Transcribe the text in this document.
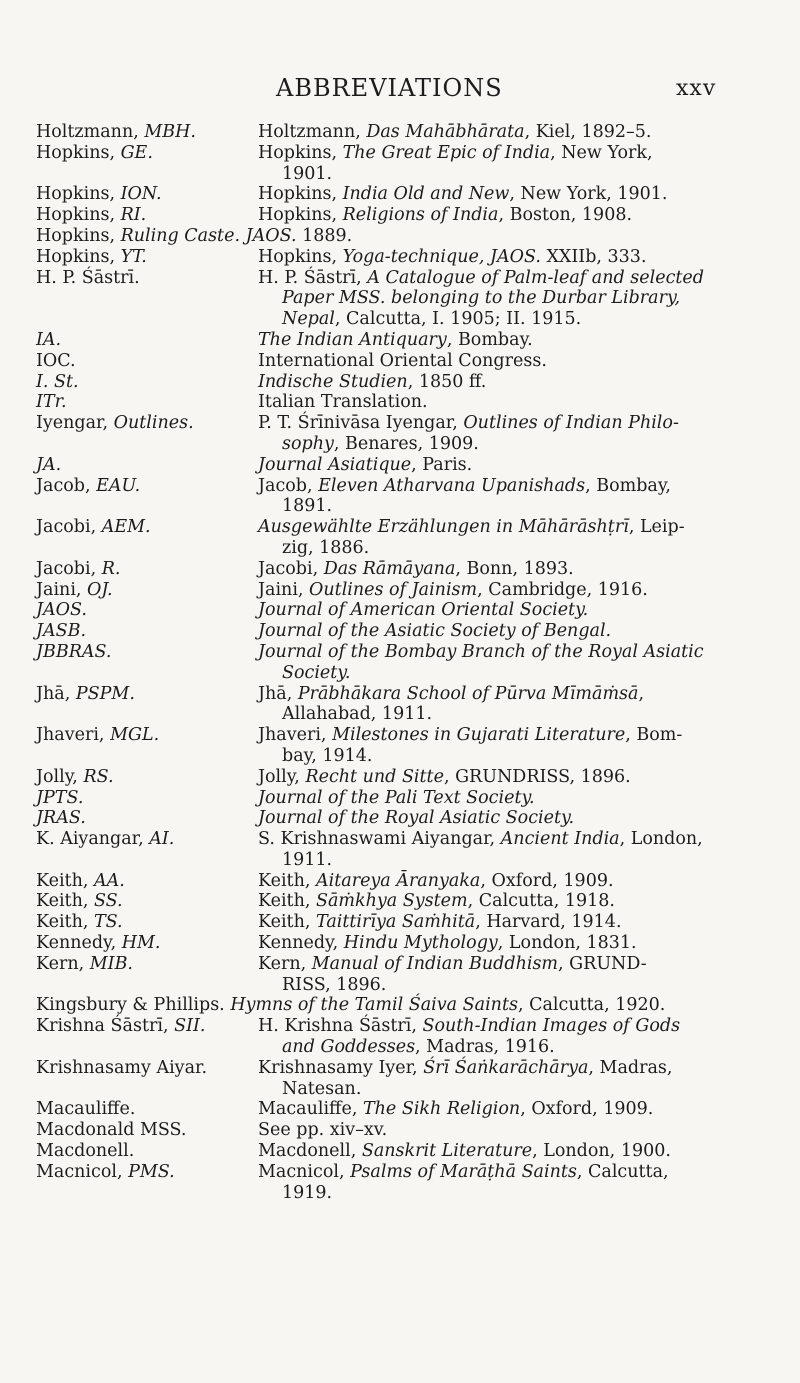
ABBREVIATIONS	xxv
Holtzmann, MBH.	Holtzmann, Das Mahābhārata, Kiel, 1892–5.
Hopkins, GE.	Hopkins, The Great Epic of India, New York,
1901.
Hopkins, ION.	Hopkins, India Old and New, New York, 1901.
Hopkins, RI.	Hopkins, Religions of India, Boston, 1908.
Hopkins, Ruling Caste. JAOS. 1889.
Hopkins, YT.	Hopkins, Yoga-technique, JAOS. XXIIb, 333.
H. P. Śāstrī.	H. P. Śāstrī, A Catalogue of Palm-leaf and selected
Paper MSS. belonging to the Durbar Library,
Nepal, Calcutta, I. 1905; II. 1915.
IA.	The Indian Antiquary, Bombay.
IOC.	International Oriental Congress.
I. St.	Indische Studien, 1850 ff.
ITr.	Italian Translation.
Iyengar, Outlines.	P. T. Śrīnivāsa Iyengar, Outlines of Indian Philo-
sophy, Benares, 1909.
JA.	Journal Asiatique, Paris.
Jacob, EAU.	Jacob, Eleven Atharvana Upanishads, Bombay,
1891.
Jacobi, AEM.	Ausgewählte Erzählungen in Māhārāshṭrī, Leip-
zig, 1886.
Jacobi, R.	Jacobi, Das Rāmāyana, Bonn, 1893.
Jaini, OJ.	Jaini, Outlines of Jainism, Cambridge, 1916.
JAOS.	Journal of American Oriental Society.
JASB.	Journal of the Asiatic Society of Bengal.
JBBRAS.	Journal of the Bombay Branch of the Royal Asiatic
Society.
Jhā, PSPM.	Jhā, Prābhākara School of Pūrva Mīmāṁsā,
Allahabad, 1911.
Jhaveri, MGL.	Jhaveri, Milestones in Gujarati Literature, Bom-
bay, 1914.
Jolly, RS.	Jolly, Recht und Sitte, GRUNDRISS, 1896.
JPTS.	Journal of the Pali Text Society.
JRAS.	Journal of the Royal Asiatic Society.
K. Aiyangar, AI.	S. Krishnaswami Aiyangar, Ancient India, London,
1911.
Keith, AA.	Keith, Aitareya Āranyaka, Oxford, 1909.
Keith, SS.	Keith, Sāṁkhya System, Calcutta, 1918.
Keith, TS.	Keith, Taittirīya Saṁhitā, Harvard, 1914.
Kennedy, HM.	Kennedy, Hindu Mythology, London, 1831.
Kern, MIB.	Kern, Manual of Indian Buddhism, GRUND-
RISS, 1896.
Kingsbury & Phillips. Hymns of the Tamil Śaiva Saints, Calcutta, 1920.
Krishna Śāstrī, SII.	H. Krishna Śāstrī, South-Indian Images of Gods
and Goddesses, Madras, 1916.
Krishnasamy Aiyar.	Krishnasamy Iyer, Śrī Śaṅkarāchārya, Madras,
Natesan.
Macauliffe.	Macauliffe, The Sikh Religion, Oxford, 1909.
Macdonald MSS.	See pp. xiv–xv.
Macdonell.	Macdonell, Sanskrit Literature, London, 1900.
Macnicol, PMS.	Macnicol, Psalms of Marāṭhā Saints, Calcutta,
1919.
